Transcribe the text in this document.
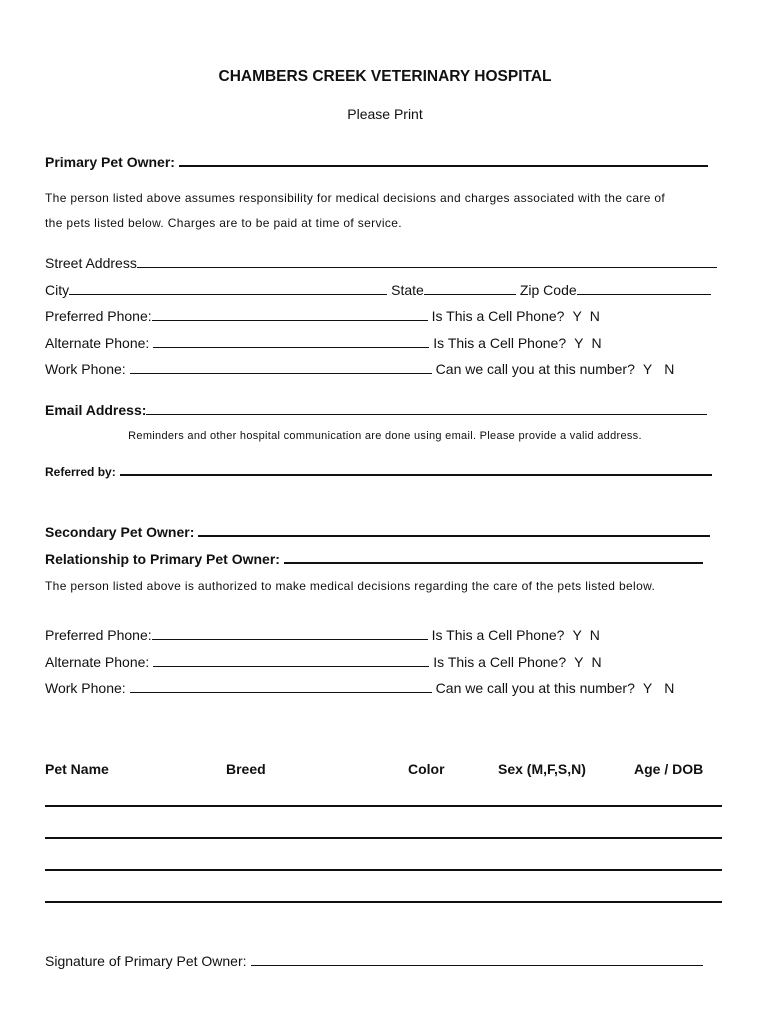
CHAMBERS CREEK VETERINARY HOSPITAL
Please Print
Primary Pet Owner:
The person listed above assumes responsibility for medical decisions and charges associated with the care of
the pets listed below. Charges are to be paid at time of service.
Street Address
City	State	Zip Code
Preferred Phone:	Is This a Cell Phone? Y N
Alternate Phone:	Is This a Cell Phone? Y N
Work Phone:	Can we call you at this number? Y N
Email Address:
Reminders and other hospital communication are done using email. Please provide a valid address.
Referred by:
Secondary Pet Owner:
Relationship to Primary Pet Owner:
The person listed above is authorized to make medical decisions regarding the care of the pets listed below.
Preferred Phone:	Is This a Cell Phone? Y N
Alternate Phone:	Is This a Cell Phone? Y N
Work Phone:	Can we call you at this number? Y N
Pet Name	Breed	Color	Sex (M,F,S,N)	Age / DOB
Signature of Primary Pet Owner:
